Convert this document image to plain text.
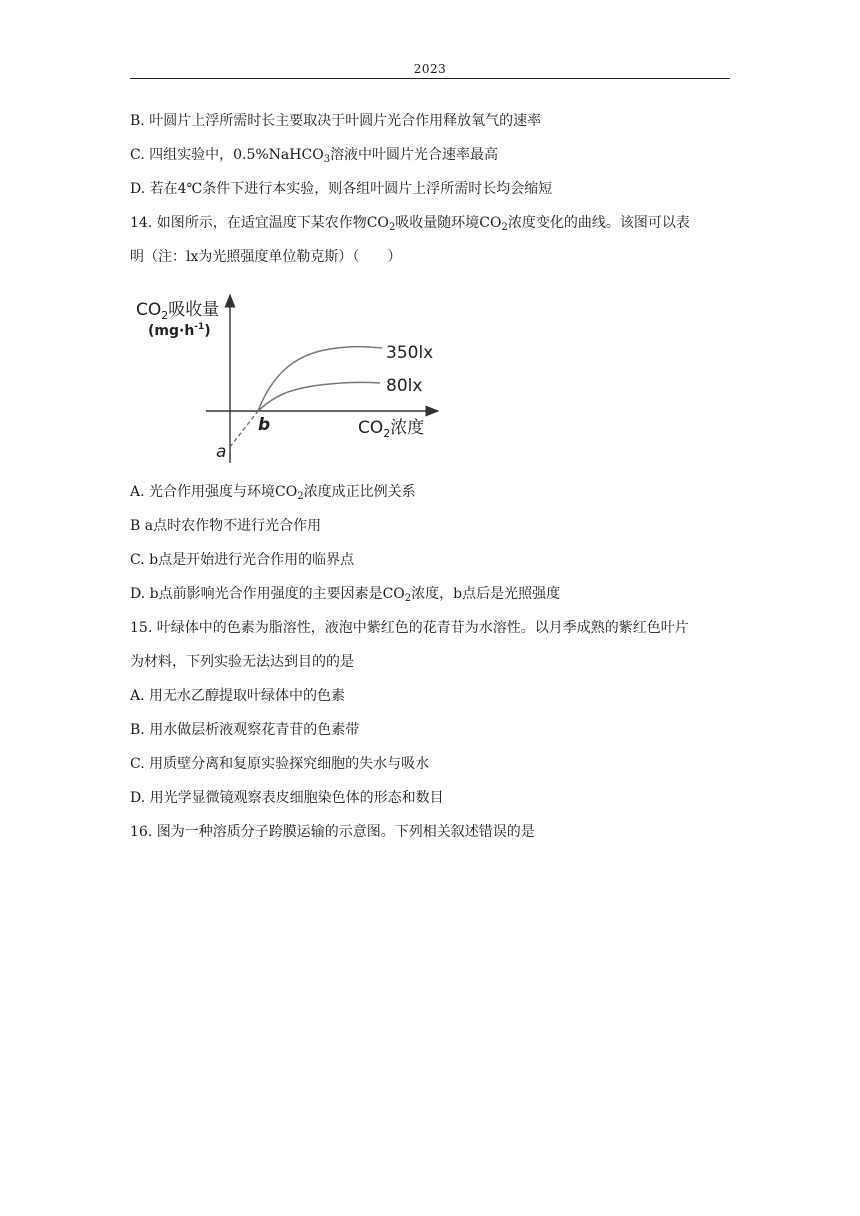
2023
B. 叶圆片上浮所需时长主要取决于叶圆片光合作用释放氧气的速率
C. 四组实验中，0.5%NaHCO$_3$溶液中叶圆片光合速率最高
D. 若在4℃条件下进行本实验，则各组叶圆片上浮所需时长均会缩短
14. 如图所示，在适宜温度下某农作物$CO_2$吸收量随环境$CO_2$浓度变化的曲线。该图可以表
明（注：lx为光照强度单位勒克斯）（　　）
$CO_2$吸收量
$(mg\cdot h^{-1})$
350lx
80lx
$CO_2$浓度
b
a
A. 光合作用强度与环境$CO_2$浓度成正比例关系
B a点时农作物不进行光合作用
C. b点是开始进行光合作用的临界点
D. b点前影响光合作用强度的主要因素是$CO_2$浓度，b点后是光照强度
15. 叶绿体中的色素为脂溶性，液泡中紫红色的花青苷为水溶性。以月季成熟的紫红色叶片
为材料，下列实验无法达到目的的是
A. 用无水乙醇提取叶绿体中的色素
B. 用水做层析液观察花青苷的色素带
C. 用质壁分离和复原实验探究细胞的失水与吸水
D. 用光学显微镜观察表皮细胞染色体的形态和数目
16. 图为一种溶质分子跨膜运输的示意图。下列相关叙述错误的是
